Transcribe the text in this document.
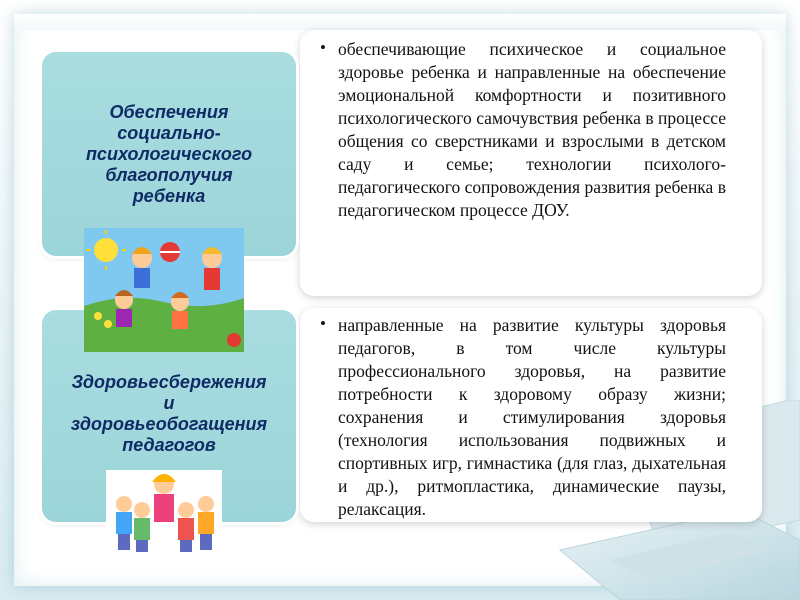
Обеспечения
социально-
психологического
благополучия
ребенка
Здоровьесбережения
и
здоровьеобогащения
педагогов
• обеспечивающие психическое и социальное здоровье ребенка и направленные на обеспечение эмоциональной комфортности и позитивного психологического самочувствия ребенка в процессе общения со сверстниками и взрослыми в детском саду и семье; технологии психолого-педагогического сопровождения развития ребенка в педагогическом процессе ДОУ.
• направленные на развитие культуры здоровья педагогов, в том числе культуры профессионального здоровья, на развитие потребности к здоровому образу жизни; сохранения и стимулирования здоровья (технология использования подвижных и спортивных игр, гимнастика (для глаз, дыхательная и др.), ритмопластика, динамические паузы, релаксация.
